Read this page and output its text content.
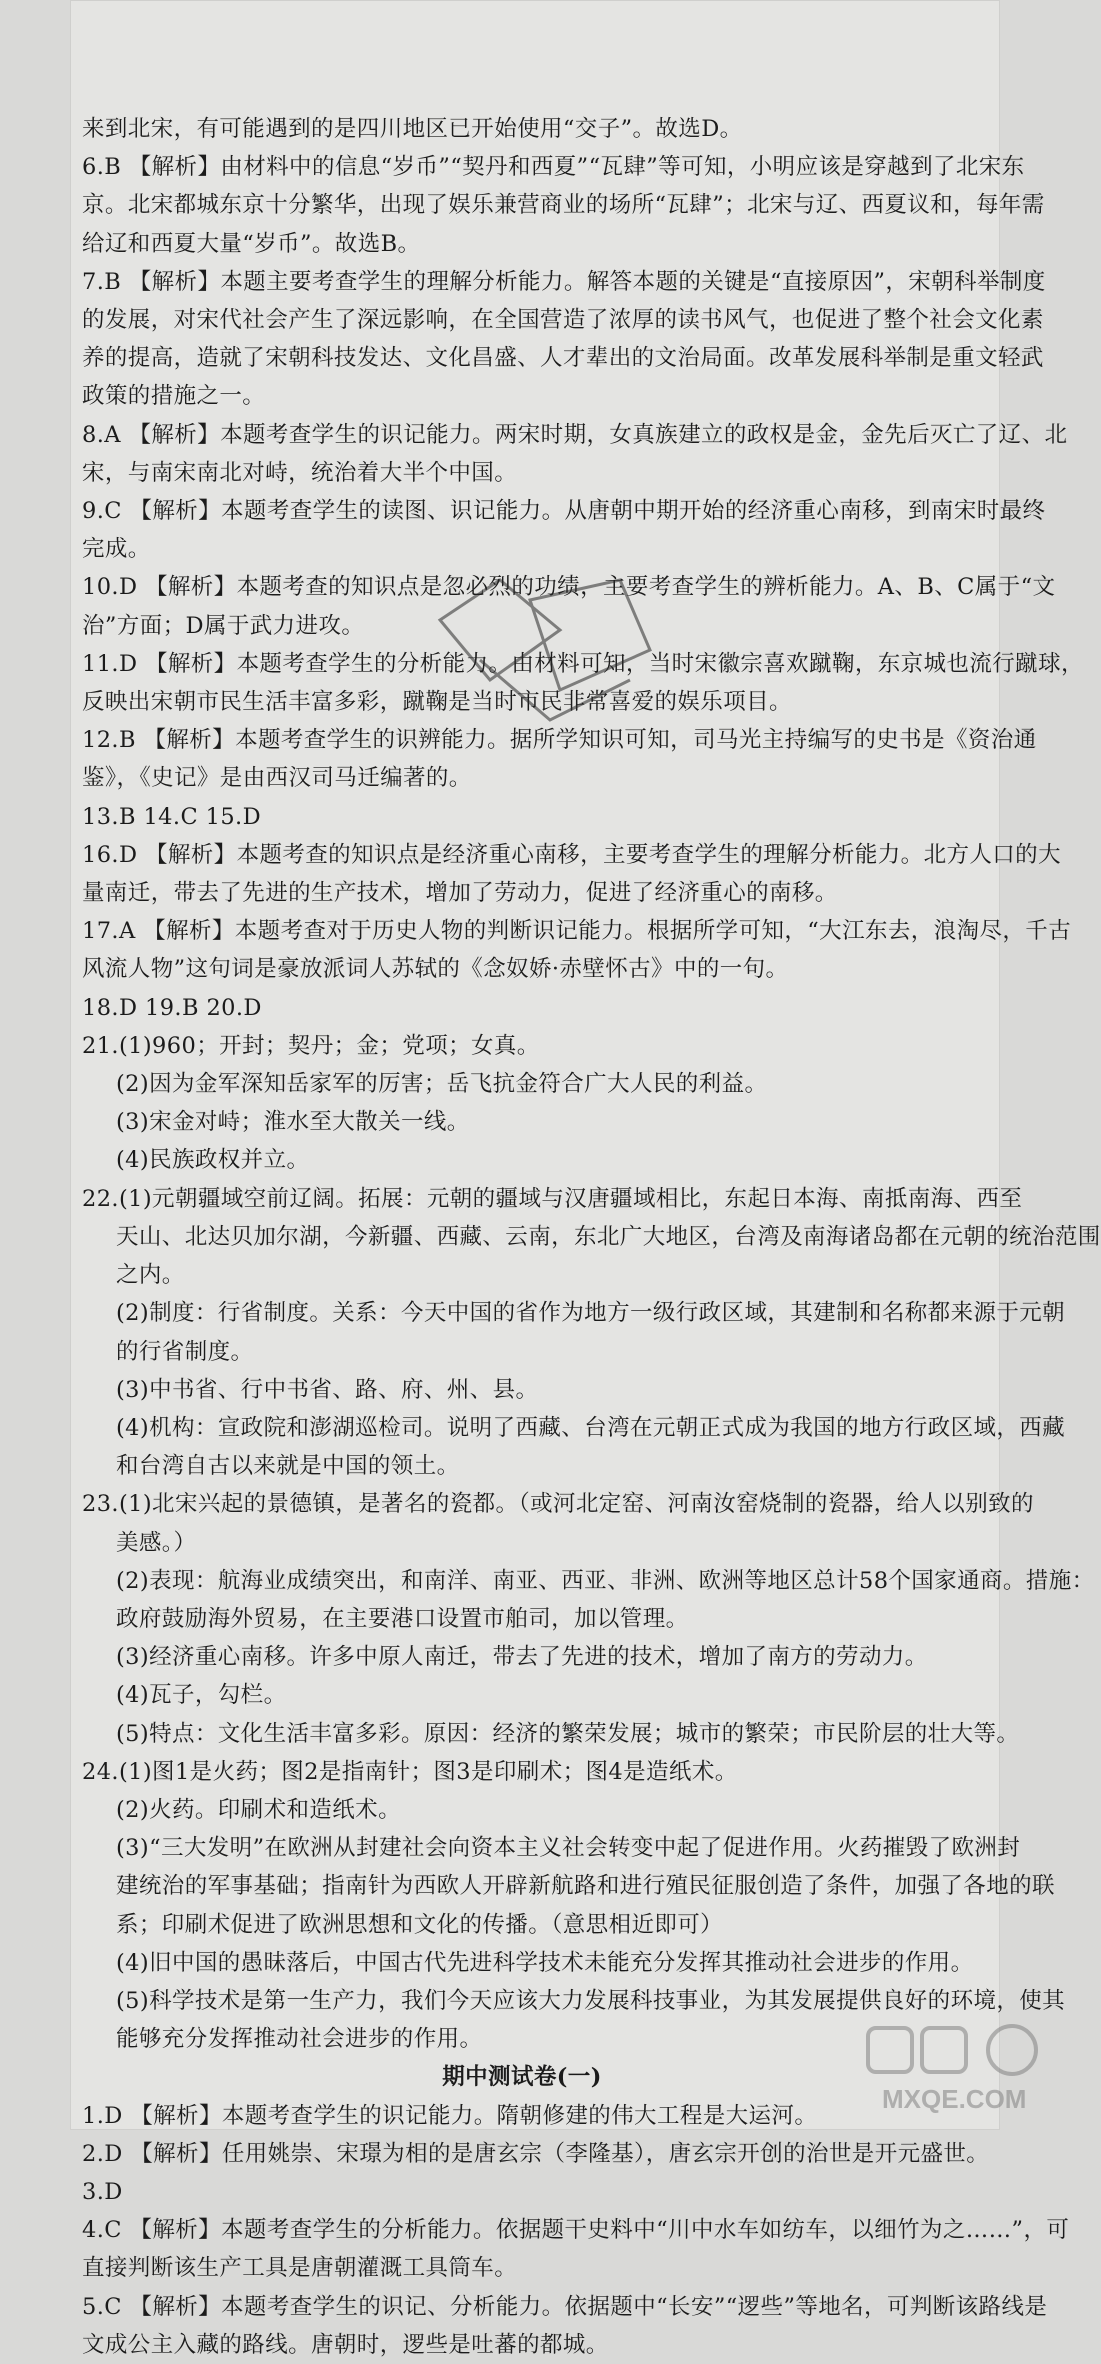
来到北宋，有可能遇到的是四川地区已开始使用“交子”。故选D。
6.B 【解析】由材料中的信息“岁币”“契丹和西夏”“瓦肆”等可知，小明应该是穿越到了北宋东
京。北宋都城东京十分繁华，出现了娱乐兼营商业的场所“瓦肆”；北宋与辽、西夏议和，每年需
给辽和西夏大量“岁币”。故选B。
7.B 【解析】本题主要考查学生的理解分析能力。解答本题的关键是“直接原因”，宋朝科举制度
的发展，对宋代社会产生了深远影响，在全国营造了浓厚的读书风气，也促进了整个社会文化素
养的提高，造就了宋朝科技发达、文化昌盛、人才辈出的文治局面。改革发展科举制是重文轻武
政策的措施之一。
8.A 【解析】本题考查学生的识记能力。两宋时期，女真族建立的政权是金，金先后灭亡了辽、北
宋，与南宋南北对峙，统治着大半个中国。
9.C 【解析】本题考查学生的读图、识记能力。从唐朝中期开始的经济重心南移，到南宋时最终
完成。
10.D 【解析】本题考查的知识点是忽必烈的功绩，主要考查学生的辨析能力。A、B、C属于“文
治”方面；D属于武力进攻。
11.D 【解析】本题考查学生的分析能力。由材料可知，当时宋徽宗喜欢蹴鞠，东京城也流行蹴球，
反映出宋朝市民生活丰富多彩，蹴鞠是当时市民非常喜爱的娱乐项目。
12.B 【解析】本题考查学生的识辨能力。据所学知识可知，司马光主持编写的史书是《资治通
鉴》，《史记》是由西汉司马迁编著的。
13.B 14.C 15.D
16.D 【解析】本题考查的知识点是经济重心南移，主要考查学生的理解分析能力。北方人口的大
量南迁，带去了先进的生产技术，增加了劳动力，促进了经济重心的南移。
17.A 【解析】本题考查对于历史人物的判断识记能力。根据所学可知，“大江东去，浪淘尽，千古
风流人物”这句词是豪放派词人苏轼的《念奴娇·赤壁怀古》中的一句。
18.D 19.B 20.D
21.(1)960；开封；契丹；金；党项；女真。
(2)因为金军深知岳家军的厉害；岳飞抗金符合广大人民的利益。
(3)宋金对峙；淮水至大散关一线。
(4)民族政权并立。
22.(1)元朝疆域空前辽阔。拓展：元朝的疆域与汉唐疆域相比，东起日本海、南抵南海、西至
天山、北达贝加尔湖，今新疆、西藏、云南，东北广大地区，台湾及南海诸岛都在元朝的统治范围
之内。
(2)制度：行省制度。关系：今天中国的省作为地方一级行政区域，其建制和名称都来源于元朝
的行省制度。
(3)中书省、行中书省、路、府、州、县。
(4)机构：宣政院和澎湖巡检司。说明了西藏、台湾在元朝正式成为我国的地方行政区域，西藏
和台湾自古以来就是中国的领土。
23.(1)北宋兴起的景德镇，是著名的瓷都。（或河北定窑、河南汝窑烧制的瓷器，给人以别致的
美感。）
(2)表现：航海业成绩突出，和南洋、南亚、西亚、非洲、欧洲等地区总计58个国家通商。措施：
政府鼓励海外贸易，在主要港口设置市舶司，加以管理。
(3)经济重心南移。许多中原人南迁，带去了先进的技术，增加了南方的劳动力。
(4)瓦子，勾栏。
(5)特点：文化生活丰富多彩。原因：经济的繁荣发展；城市的繁荣；市民阶层的壮大等。
24.(1)图1是火药；图2是指南针；图3是印刷术；图4是造纸术。
(2)火药。印刷术和造纸术。
(3)“三大发明”在欧洲从封建社会向资本主义社会转变中起了促进作用。火药摧毁了欧洲封
建统治的军事基础；指南针为西欧人开辟新航路和进行殖民征服创造了条件，加强了各地的联
系；印刷术促进了欧洲思想和文化的传播。（意思相近即可）
(4)旧中国的愚昧落后，中国古代先进科学技术未能充分发挥其推动社会进步的作用。
(5)科学技术是第一生产力，我们今天应该大力发展科技事业，为其发展提供良好的环境，使其
能够充分发挥推动社会进步的作用。
期中测试卷(一)
1.D 【解析】本题考查学生的识记能力。隋朝修建的伟大工程是大运河。
2.D 【解析】任用姚崇、宋璟为相的是唐玄宗（李隆基），唐玄宗开创的治世是开元盛世。
3.D
4.C 【解析】本题考查学生的分析能力。依据题干史料中“川中水车如纺车，以细竹为之……”，可
直接判断该生产工具是唐朝灌溉工具筒车。
5.C 【解析】本题考查学生的识记、分析能力。依据题中“长安”“逻些”等地名，可判断该路线是
文成公主入藏的路线。唐朝时，逻些是吐蕃的都城。
MXQE.COM
